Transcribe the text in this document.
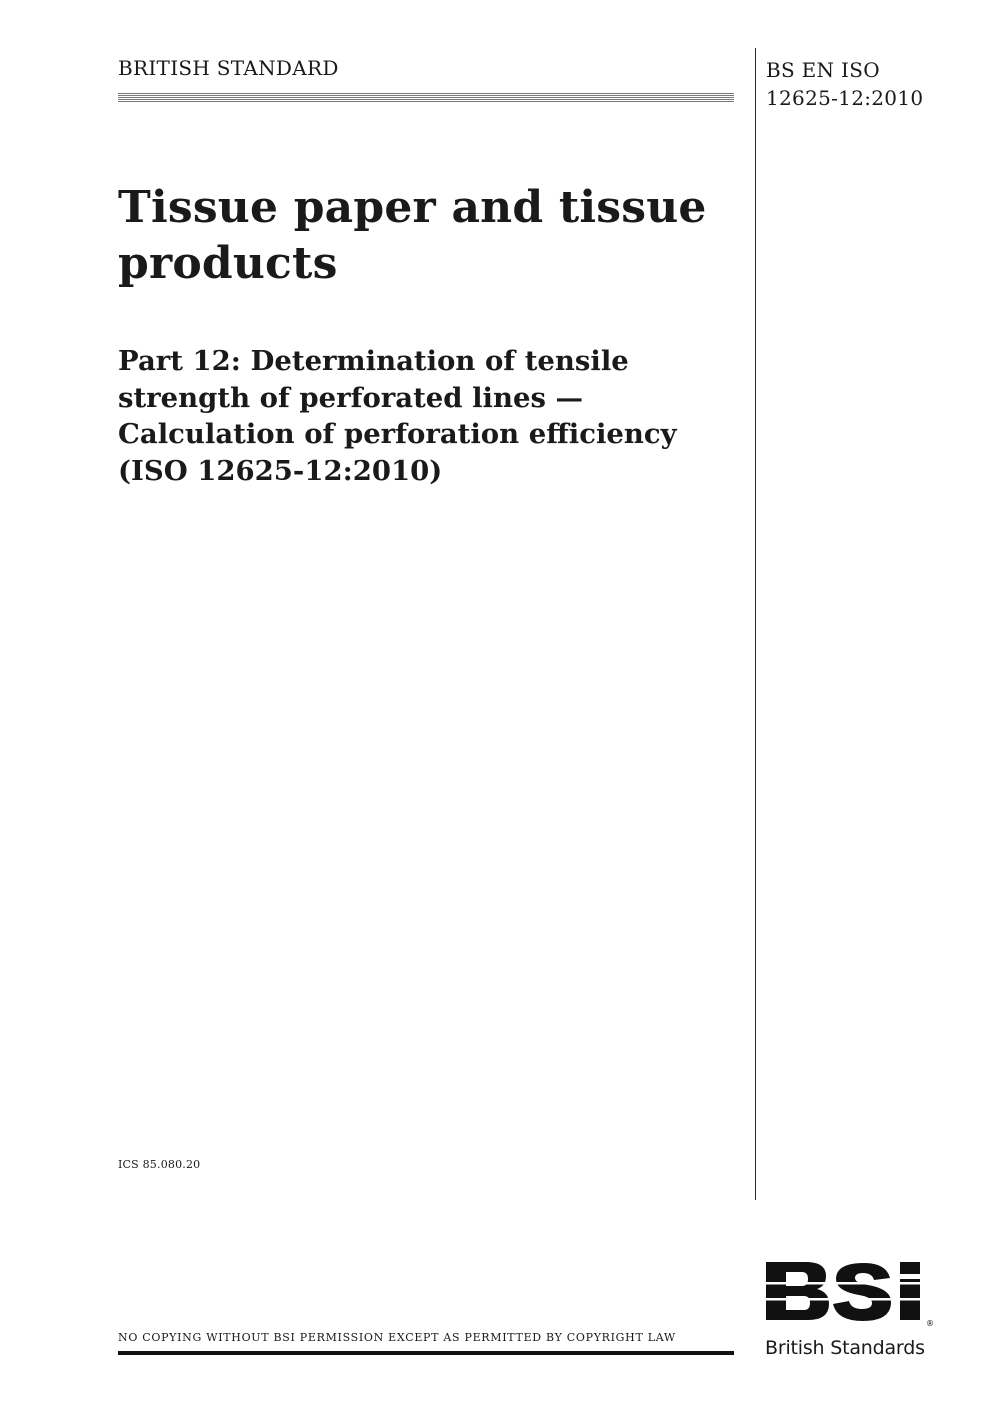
BRITISH STANDARD	BS EN ISO
12625-12:2010
Tissue paper and tissue
products
Part 12: Determination of tensile
strength of perforated lines —
Calculation of perforation efficiency
(ISO 12625-12:2010)
ICS 85.080.20
NO COPYING WITHOUT BSI PERMISSION EXCEPT AS PERMITTED BY COPYRIGHT LAW
®
British Standards
